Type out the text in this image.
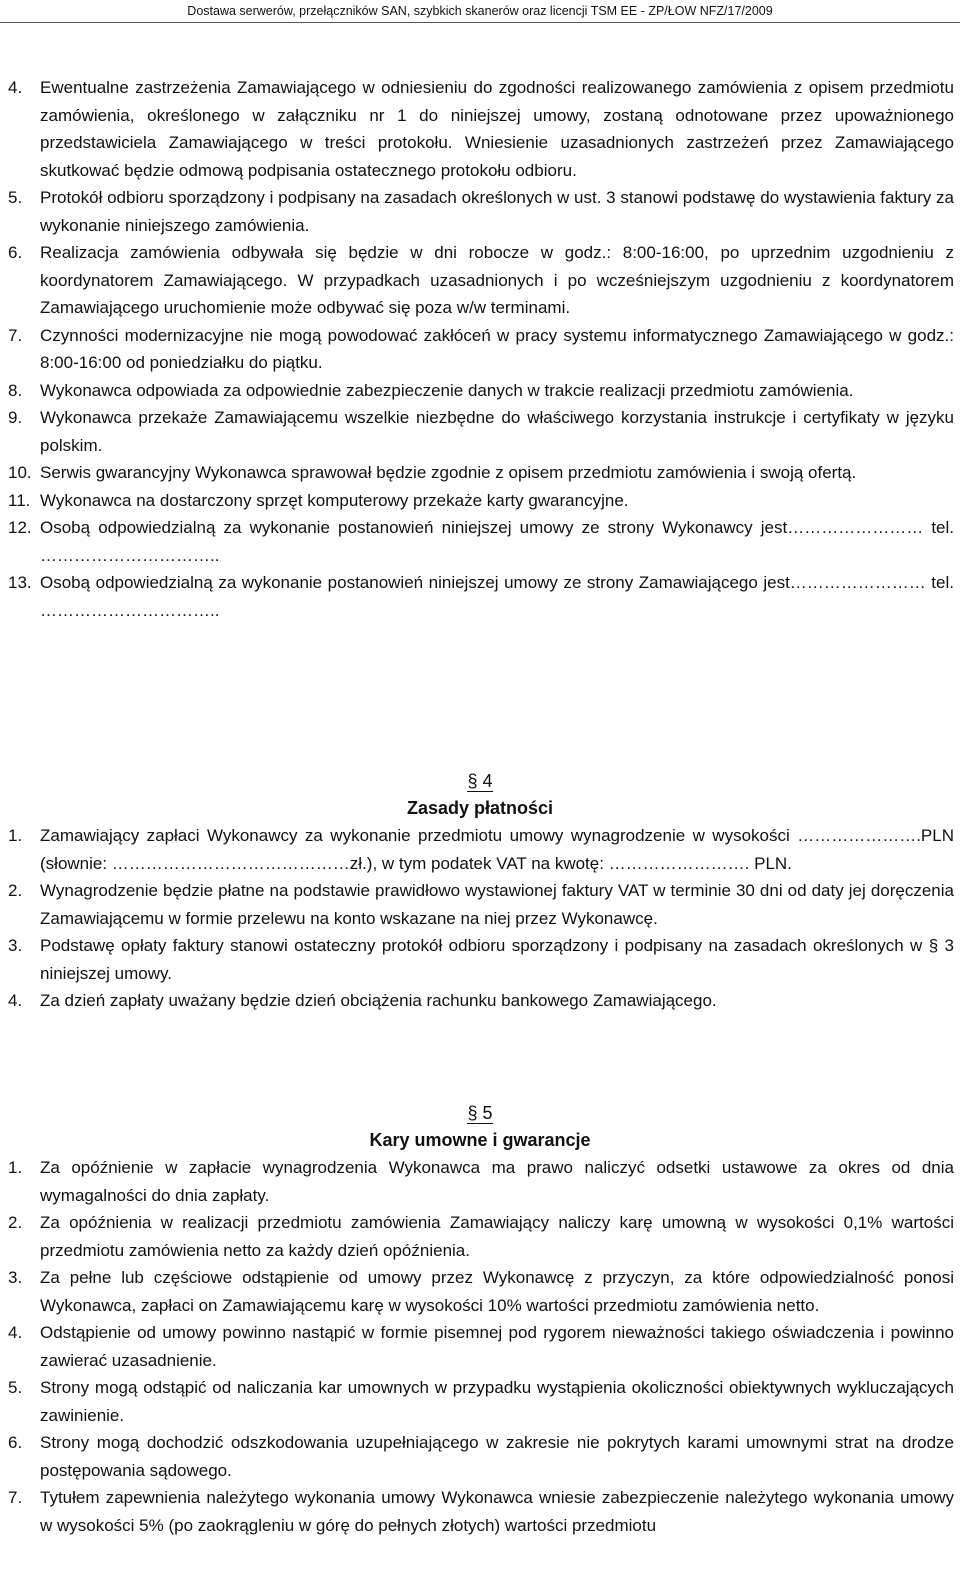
Dostawa serwerów, przełączników SAN, szybkich skanerów oraz licencji TSM EE - ZP/ŁOW NFZ/17/2009
4. Ewentualne zastrzeżenia Zamawiającego w odniesieniu do zgodności realizowanego zamówienia z opisem przedmiotu zamówienia, określonego w załączniku nr 1 do niniejszej umowy, zostaną odnotowane przez upoważnionego przedstawiciela Zamawiającego w treści protokołu. Wniesienie uzasadnionych zastrzeżeń przez Zamawiającego skutkować będzie odmową podpisania ostatecznego protokołu odbioru.
5. Protokół odbioru sporządzony i podpisany na zasadach określonych w ust. 3 stanowi podstawę do wystawienia faktury za wykonanie niniejszego zamówienia.
6. Realizacja zamówienia odbywała się będzie w dni robocze w godz.: 8:00-16:00, po uprzednim uzgodnieniu z koordynatorem Zamawiającego. W przypadkach uzasadnionych i po wcześniejszym uzgodnieniu z koordynatorem Zamawiającego uruchomienie może odbywać się poza w/w terminami.
7. Czynności modernizacyjne nie mogą powodować zakłóceń w pracy systemu informatycznego Zamawiającego w godz.: 8:00-16:00 od poniedziałku do piątku.
8. Wykonawca odpowiada za odpowiednie zabezpieczenie danych w trakcie realizacji przedmiotu zamówienia.
9. Wykonawca przekaże Zamawiającemu wszelkie niezbędne do właściwego korzystania instrukcje i certyfikaty w języku polskim.
10. Serwis gwarancyjny Wykonawca sprawował będzie zgodnie z opisem przedmiotu zamówienia i swoją ofertą.
11. Wykonawca na dostarczony sprzęt komputerowy przekaże karty gwarancyjne.
12. Osobą odpowiedzialną za wykonanie postanowień niniejszej umowy ze strony Wykonawcy jest…………………… tel. …………………………..
13. Osobą odpowiedzialną za wykonanie postanowień niniejszej umowy ze strony Zamawiającego jest…………………… tel. …………………………..
§ 4
Zasady płatności
1. Zamawiający zapłaci Wykonawcy za wykonanie przedmiotu umowy wynagrodzenie w wysokości ………………….PLN (słownie: ……………………………………zł.), w tym podatek VAT na kwotę: ……………………. PLN.
2. Wynagrodzenie będzie płatne na podstawie prawidłowo wystawionej faktury VAT w terminie 30 dni od daty jej doręczenia Zamawiającemu w formie przelewu na konto wskazane na niej przez Wykonawcę.
3. Podstawę opłaty faktury stanowi ostateczny protokół odbioru sporządzony i podpisany na zasadach określonych w § 3 niniejszej umowy.
4. Za dzień zapłaty uważany będzie dzień obciążenia rachunku bankowego Zamawiającego.
§ 5
Kary umowne i gwarancje
1. Za opóźnienie w zapłacie wynagrodzenia Wykonawca ma prawo naliczyć odsetki ustawowe za okres od dnia wymagalności do dnia zapłaty.
2. Za opóźnienia w realizacji przedmiotu zamówienia Zamawiający naliczy karę umowną w wysokości 0,1% wartości przedmiotu zamówienia netto za każdy dzień opóźnienia.
3. Za pełne lub częściowe odstąpienie od umowy przez Wykonawcę z przyczyn, za które odpowiedzialność ponosi Wykonawca, zapłaci on Zamawiającemu karę w wysokości 10% wartości przedmiotu zamówienia netto.
4. Odstąpienie od umowy powinno nastąpić w formie pisemnej pod rygorem nieważności takiego oświadczenia i powinno zawierać uzasadnienie.
5. Strony mogą odstąpić od naliczania kar umownych w przypadku wystąpienia okoliczności obiektywnych wykluczających zawinienie.
6. Strony mogą dochodzić odszkodowania uzupełniającego w zakresie nie pokrytych karami umownymi strat na drodze postępowania sądowego.
7. Tytułem zapewnienia należytego wykonania umowy Wykonawca wniesie zabezpieczenie należytego wykonania umowy w wysokości 5% (po zaokrągleniu w górę do pełnych złotych) wartości przedmiotu
